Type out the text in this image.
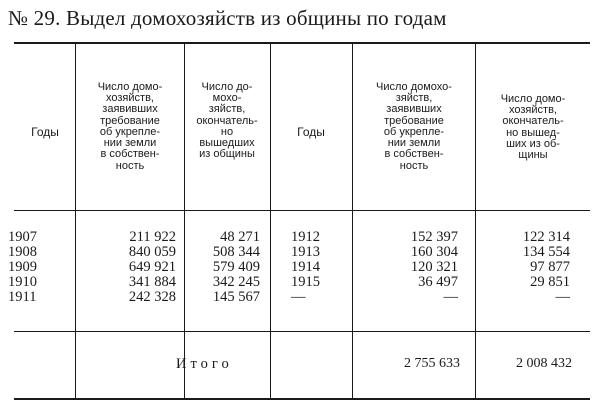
№ 29. Выдел домохозяйств из общины по годам
Годы
Число домо-
хозяйств,
заявивших
требование
об укрепле-
нии земли
в собствен-
ность
Число до-
мохо-
зяйств,
окончатель-
но
вышедших
из общины
Годы
Число домохо-
зяйств,
заявивших
требование
об укрепле-
нии земли
в собствен-
ность
Число домо-
хозяйств,
окончатель-
но вышед-
ших из об-
щины
1907
1908
1909
1910
1911
211 922
840 059
649 921
341 884
242 328
48 271
508 344
579 409
342 245
145 567
1912
1913
1914
1915
—
152 397
160 304
120 321
36 497
—
122 314
134 554
97 877
29 851
—
Итого	2 755 633	2 008 432
